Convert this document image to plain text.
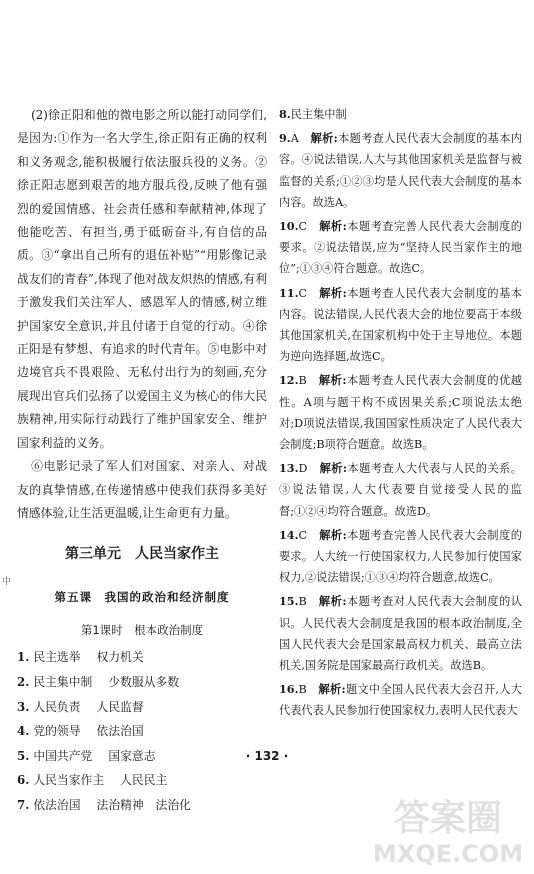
(2)徐正阳和他的微电影之所以能打动同学们,是因为:①作为一名大学生,徐正阳有正确的权利和义务观念,能积极履行依法服兵役的义务。②徐正阳志愿到艰苦的地方服兵役,反映了他有强烈的爱国情感、社会责任感和奉献精神,体现了他能吃苦、有担当,勇于砥砺奋斗,有自信的品质。③“拿出自己所有的退伍补贴”“用影像记录战友们的青春”,体现了他对战友炽热的情感,有利于激发我们关注军人、感恩军人的情感,树立维护国家安全意识,并且付诸于自觉的行动。④徐正阳是有梦想、有追求的时代青年。⑤电影中对边境官兵不畏艰险、无私付出行为的刻画,充分展现出官兵们弘扬了以爱国主义为核心的伟大民族精神,用实际行动践行了维护国家安全、维护国家利益的义务。

⑥电影记录了军人们对国家、对亲人、对战友的真挚情感,在传递情感中使我们获得多美好情感体验,让生活更温暖,让生命更有力量。

第三单元　人民当家作主
第五课　我国的政治和经济制度
第1课时　根本政治制度
1. 民主选举 权力机关
2. 民主集中制 少数服从多数
3. 人民负责 人民监督
4. 党的领导 依法治国
5. 中国共产党 国家意志
6. 人民当家作主 人民民主
7. 依法治国 法治精神　法治化

8.民主集中制

9.A　 解析:本题考查人民代表大会制度的基本内容。④说法错误,人大与其他国家机关是监督与被监督的关系;①②③均是人民代表大会制度的基本内容。故选A。

10.C　 解析:本题考查完善人民代表大会制度的要求。②说法错误,应为“坚持人民当家作主的地位”;①③④符合题意。故选C。

11.C　 解析:本题考查人民代表大会制度的基本内容。说法错误,人民代表大会的地位要高于本级其他国家机关,在国家机构中处于主导地位。本题为逆向选择题,故选C。

12.B　 解析:本题考查人民代表大会制度的优越性。A项与题干构不成因果关系;C项说法太绝对;D项说法错误,我国国家性质决定了人民代表大会制度;B项符合题意。故选B。

13.D　 解析:本题考查人大代表与人民的关系。③说法错误,人大代表要自觉接受人民的监督;①②④均符合题意。故选D。

14.C　 解析:本题考查完善人民代表大会制度的要求。人大统一行使国家权力,人民参加行使国家权力,②说法错误;①③④均符合题意,故选C。

15.B　 解析:本题考查对人民代表大会制度的认识。人民代表大会制度是我国的根本政治制度,全国人民代表大会是国家最高权力机关、最高立法机关,国务院是国家最高行政机关。故选B。

16.B　 解析:题文中全国人民代表大会召开,人大代表代表人民参加行使国家权力,表明人民代表大

· 132 ·
中
答案圈
MXQE.COM
